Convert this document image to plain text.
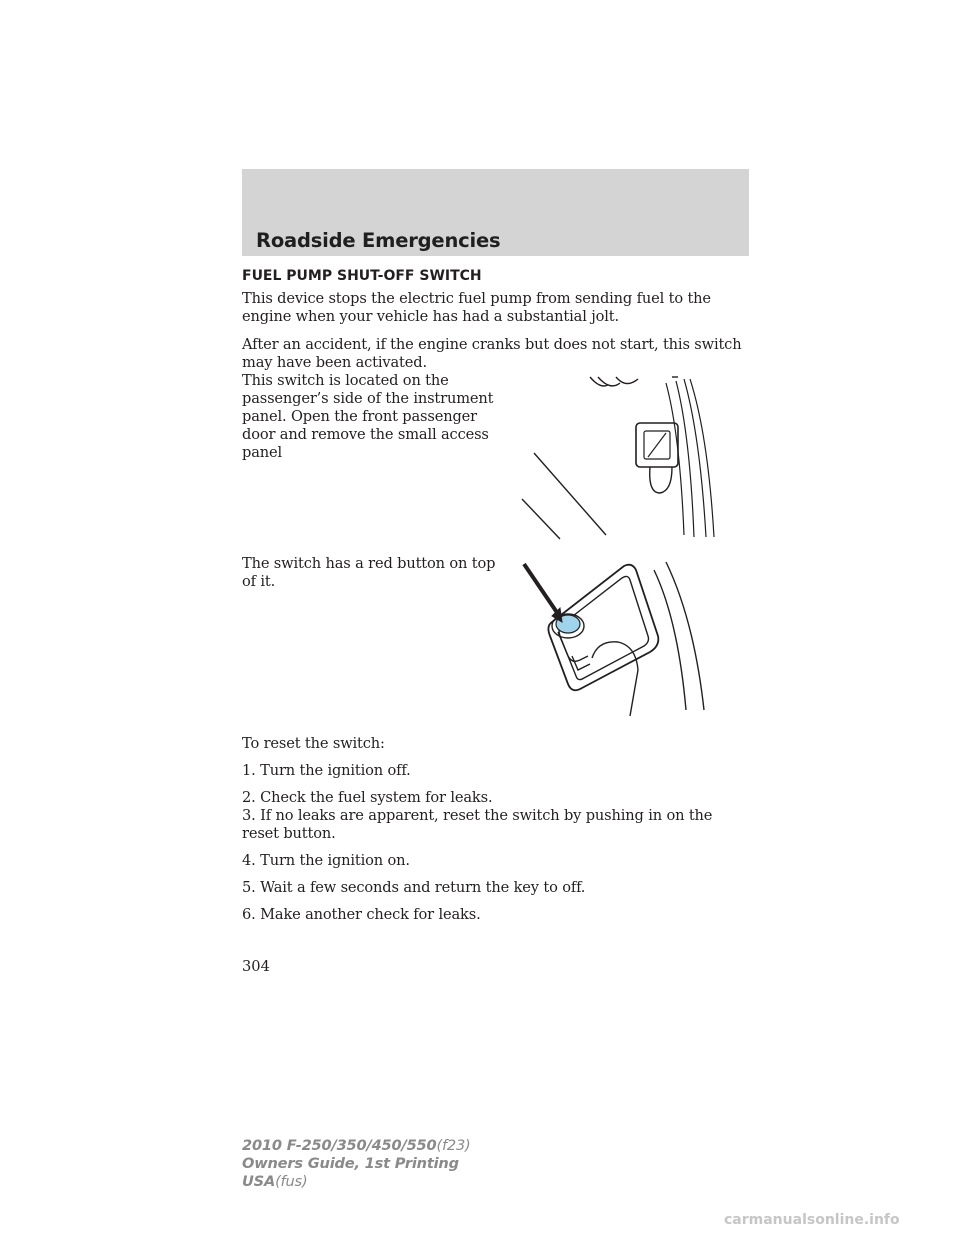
Roadside Emergencies
FUEL PUMP SHUT-OFF SWITCH

This device stops the electric fuel pump from sending fuel to the engine when your vehicle has had a substantial jolt.

After an accident, if the engine cranks but does not start, this switch may have been activated.

This switch is located on the passenger’s side of the instrument panel. Open the front passenger door and remove the small access panel

The switch has a red button on top of it.

To reset the switch:

1. Turn the ignition off.

2. Check the fuel system for leaks.

3. If no leaks are apparent, reset the switch by pushing in on the reset button.

4. Turn the ignition on.

5. Wait a few seconds and return the key to off.

6. Make another check for leaks.

304
2010 F-250/350/450/550(f23)
Owners Guide, 1st Printing
USA(fus)
carmanualsonline.info
